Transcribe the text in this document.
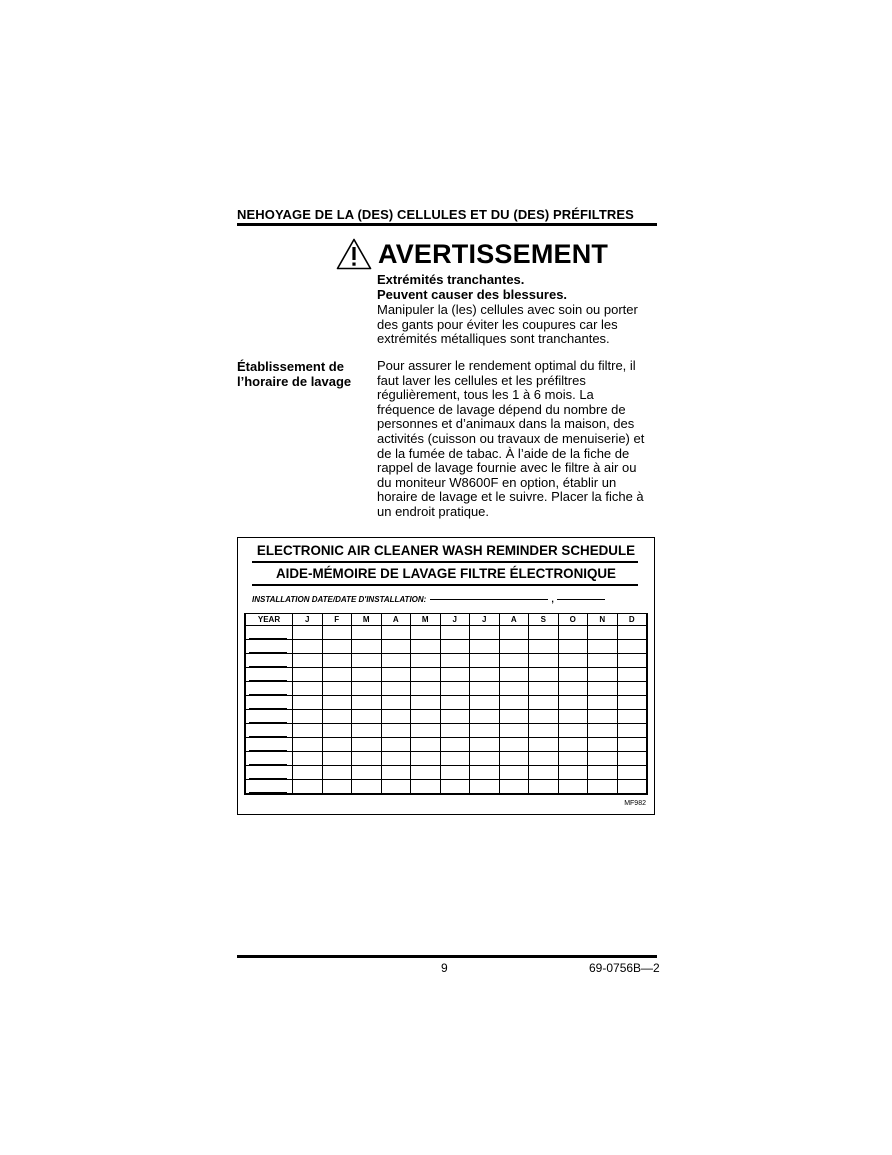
NEHOYAGE DE LA (DES) CELLULES ET DU (DES) PRÉFILTRES
AVERTISSEMENT
Extrémités tranchantes.
Peuvent causer des blessures.
Manipuler la (les) cellules avec soin ou porter
des gants pour éviter les coupures car les
extrémités métalliques sont tranchantes.
Établissement de
l’horaire de lavage
Pour assurer le rendement optimal du filtre, il
faut laver les cellules et les préfiltres
régulièrement, tous les 1 à 6 mois. La
fréquence de lavage dépend du nombre de
personnes et d’animaux dans la maison, des
activités (cuisson ou travaux de menuiserie) et
de la fumée de tabac. À l’aide de la fiche de
rappel de lavage fournie avec le filtre à air ou
du moniteur W8600F en option, établir un
horaire de lavage et le suivre. Placer la fiche à
un endroit pratique.
ELECTRONIC AIR CLEANER WASH REMINDER SCHEDULE
AIDE-MÉMOIRE DE LAVAGE FILTRE ÉLECTRONIQUE
INSTALLATION DATE/DATE D'INSTALLATION:	,
YEAR	J	F	M	A	M	J	J	A	S	O	N	D

MF982
9	69-0756B—2
